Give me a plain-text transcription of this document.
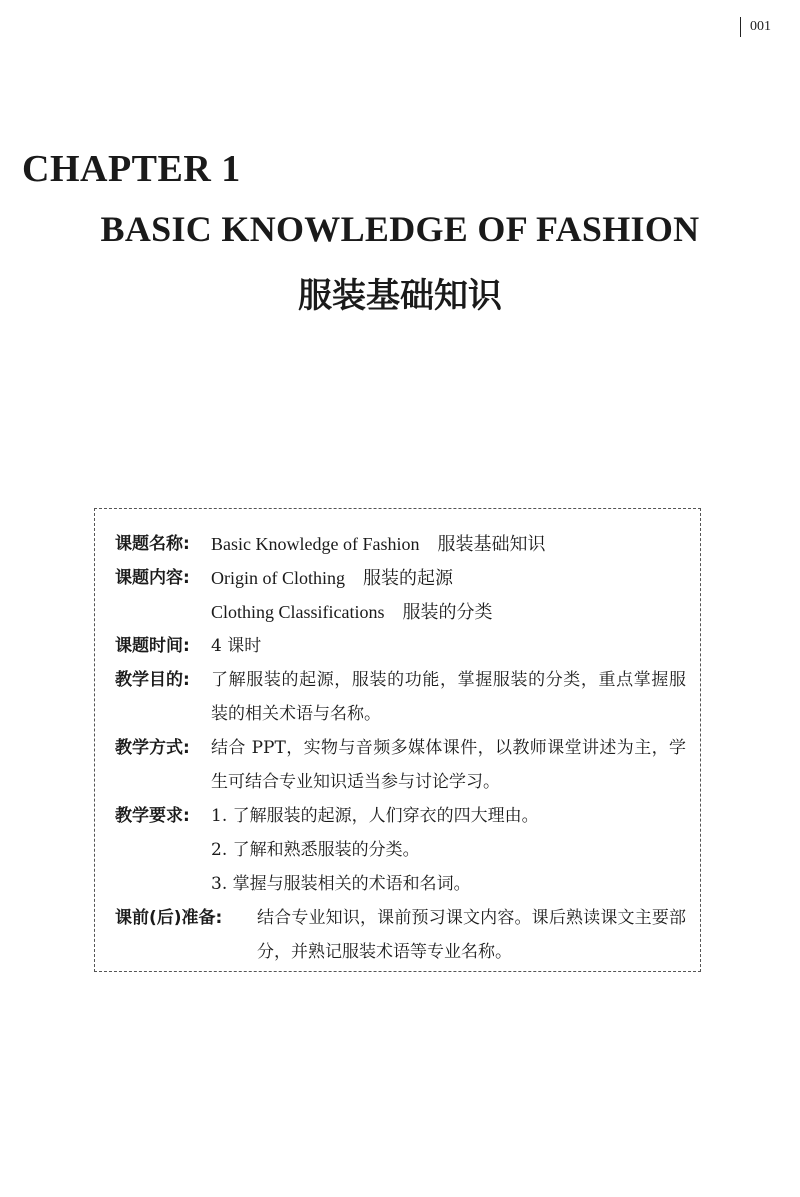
001
CHAPTER 1
BASIC KNOWLEDGE OF FASHION
服装基础知识
课题名称:	Basic Knowledge of Fashion　服装基础知识
课题内容: Origin of Clothing　服装的起源
Clothing Classifications　服装的分类
课题时间:	4 课时
教学目的:	了解服装的起源，服装的功能，掌握服装的分类，重点掌握服装的相关术语与名称。
教学方式:	结合 PPT，实物与音频多媒体课件，以教师课堂讲述为主，学生可结合专业知识适当参与讨论学习。
教学要求: 1. 了解服装的起源，人们穿衣的四大理由。
2. 了解和熟悉服装的分类。
3. 掌握与服装相关的术语和名词。
课前(后)准备:	结合专业知识，课前预习课文内容。课后熟读课文主要部分，并熟记服装术语等专业名称。
